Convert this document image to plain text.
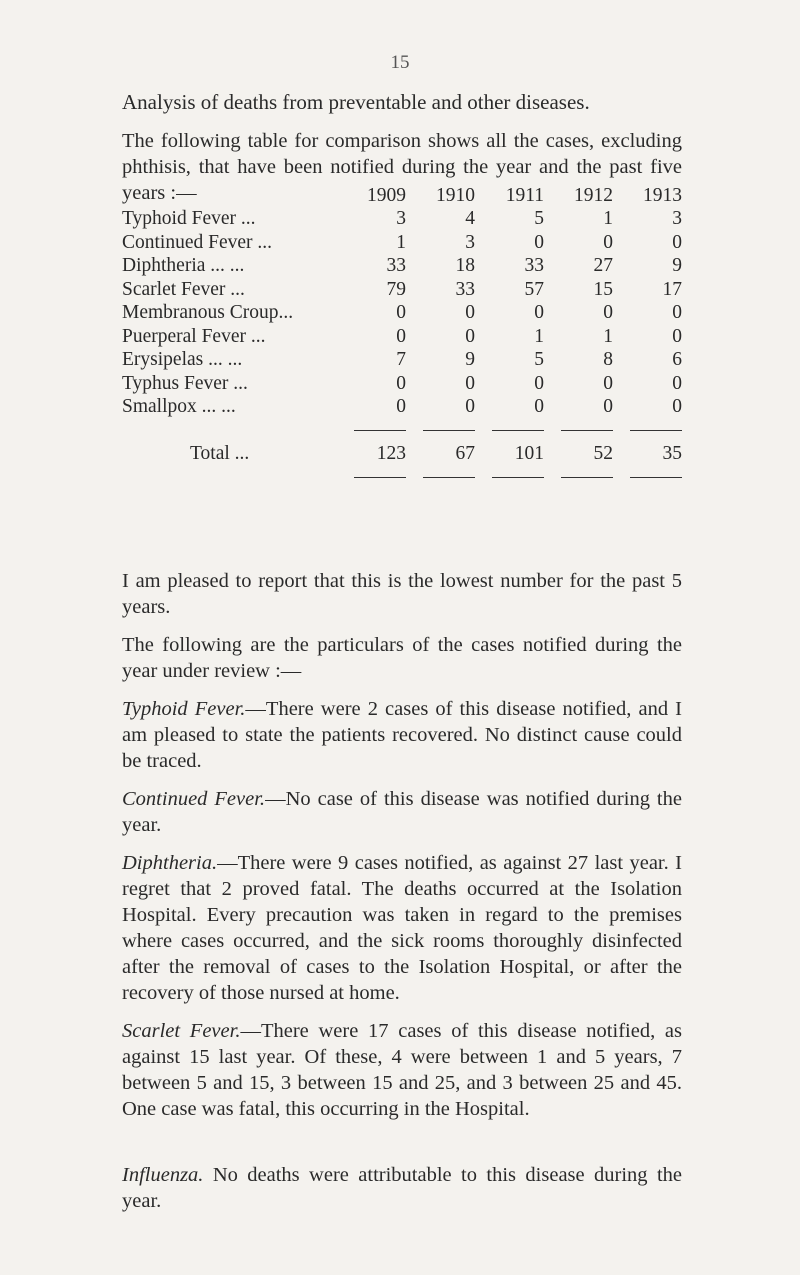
15
Analysis of deaths from preventable and other diseases.

The following table for comparison shows all the cases, excluding phthisis, that have been notified during the year and the past five years :—

		1909	1910	1911	1912	1913
Typhoid Fever ...	3	4	5	1	3
Continued Fever ...	1	3	0	0	0
Diphtheria ... ...	33	18	33	27	9
Scarlet Fever ...	79	33	57	15	17
Membranous Croup...	0	0	0	0	0
Puerperal Fever ...	0	0	1	1	0
Erysipelas ... ...	7	9	5	8	6
Typhus Fever ...	0	0	0	0	0
Smallpox ... ...	0	0	0	0	0

Total ...	123	67	101	52	35

I am pleased to report that this is the lowest number for the past 5 years.

The following are the particulars of the cases notified during the year under review :—

Typhoid Fever.—There were 2 cases of this disease notified, and I am pleased to state the patients recovered. No distinct cause could be traced.

Continued Fever.—No case of this disease was notified during the year.

Diphtheria.—There were 9 cases notified, as against 27 last year. I regret that 2 proved fatal. The deaths occurred at the Isolation Hospital. Every precaution was taken in regard to the premises where cases occurred, and the sick rooms thoroughly disinfected after the removal of cases to the Isolation Hospital, or after the recovery of those nursed at home.

Scarlet Fever.—There were 17 cases of this disease notified, as against 15 last year. Of these, 4 were between 1 and 5 years, 7 between 5 and 15, 3 between 15 and 25, and 3 between 25 and 45. One case was fatal, this occurring in the Hospital.

Influenza. No deaths were attributable to this disease during the year.
